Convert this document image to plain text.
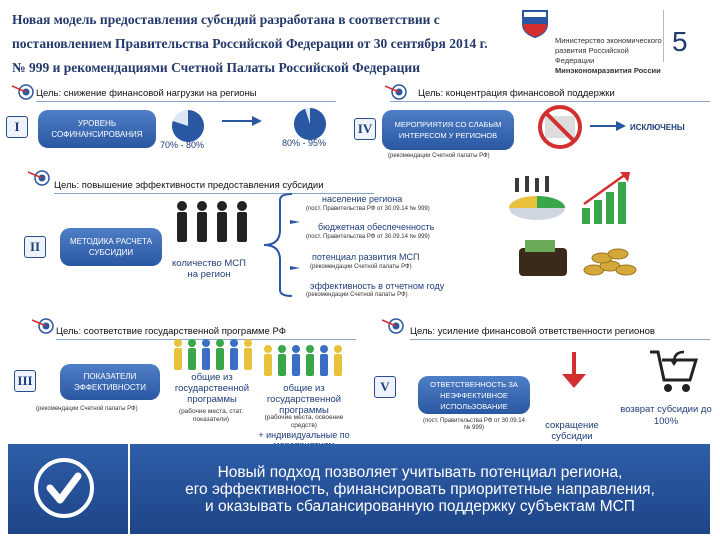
Новая модель предоставления субсидий разработана в соответствии с
постановлением Правительства Российской Федерации от 30 сентября 2014 г.
№ 999 и рекомендациями Счетной Палаты Российской Федерации
Министерство экономического
развития Российской Федерации
Минэкономразвития России
5
Цель: снижение финансовой нагрузки на регионы	Цель: концентрация финансовой поддержки
I	УРОВЕНЬ СОФИНАНСИРОВАНИЯ
70% - 80%	80% - 95%
IV	МЕРОПРИЯТИЯ СО СЛАБЫМ ИНТЕРЕСОМ У РЕГИОНОВ
ИСКЛЮЧЕНЫ
(рекомендации Счетной палаты РФ)
Цель: повышение эффективности предоставления субсидии
II	МЕТОДИКА РАСЧЕТА СУБСИДИИ
количество МСП на регион
население региона
(пост. Правительства РФ от 30.09.14 № 999)
бюджетная обеспеченность
(пост. Правительства РФ от 30.09.14 № 999)
потенциал развития МСП
(рекомендации Счетной палаты РФ)
эффективность в отчетном году
(рекомендации Счетной палаты РФ)
Цель: соответствие государственной программе РФ	Цель: усиление финансовой ответственности регионов
III	ПОКАЗАТЕЛИ ЭФФЕКТИВНОСТИ
(рекомендации Счетной палаты РФ)
общие из государственной программы
(рабочие места, стат. показатели)
общие из государственной программы
(рабочие места, освоение средств)
+ индивидуальные по
V	ОТВЕТСТВЕННОСТЬ ЗА НЕЭФФЕКТИВНОЕ ИСПОЛЬЗОВАНИЕ
(пост. Правительства РФ от 30.09.14 № 999)	сокращение субсидии
возврат субсидии до 100%
Новый подход позволяет учитывать потенциал региона,
его эффективность, финансировать приоритетные направления,
и оказывать сбалансированную поддержку субъектам МСП
